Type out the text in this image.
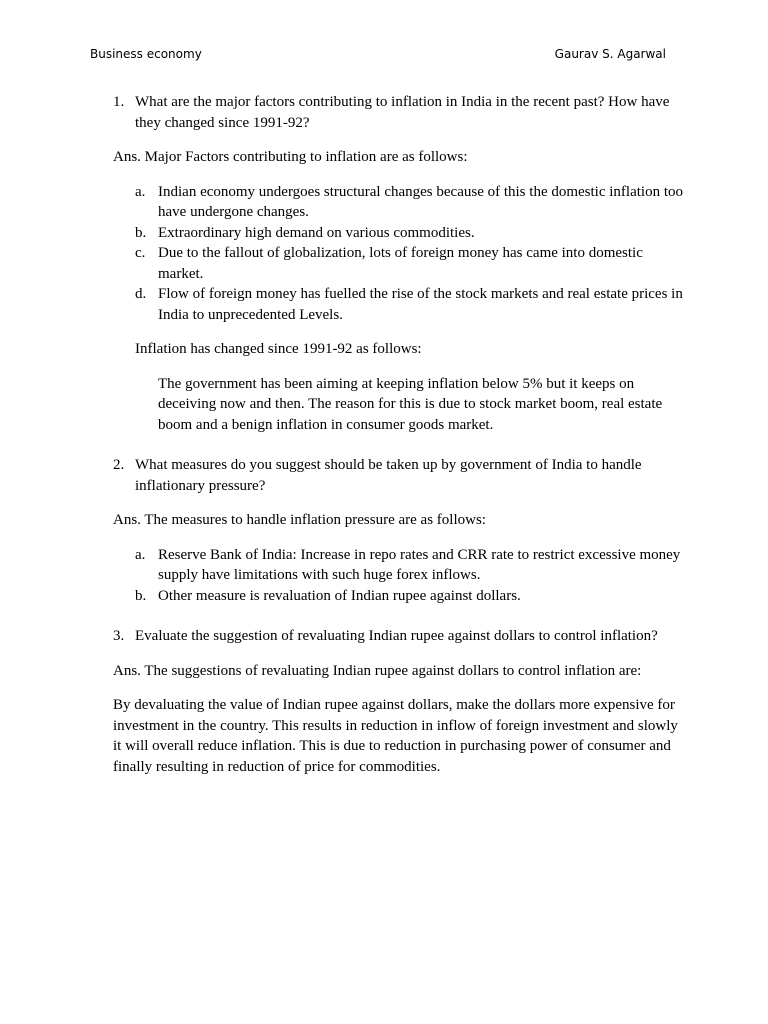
Business economy	Gaurav S. Agarwal
1. What are the major factors contributing to inflation in India in the recent past? How have they changed since 1991-92?

Ans. Major Factors contributing to inflation are as follows:

a. Indian economy undergoes structural changes because of this the domestic inflation too have undergone changes.
b. Extraordinary high demand on various commodities.
c. Due to the fallout of globalization, lots of foreign money has came into domestic market.
d. Flow of foreign money has fuelled the rise of the stock markets and real estate prices in India to unprecedented Levels.

Inflation has changed since 1991-92 as follows:

The government has been aiming at keeping inflation below 5% but it keeps on deceiving now and then. The reason for this is due to stock market boom, real estate boom and a benign inflation in consumer goods market.

2. What measures do you suggest should be taken up by government of India to handle inflationary pressure?

Ans. The measures to handle inflation pressure are as follows:

a. Reserve Bank of India: Increase in repo rates and CRR rate to restrict excessive money supply have limitations with such huge forex inflows.
b. Other measure is revaluation of Indian rupee against dollars.
3. Evaluate the suggestion of revaluating Indian rupee against dollars to control inflation?

Ans. The suggestions of revaluating Indian rupee against dollars to control inflation are:

By devaluating the value of Indian rupee against dollars, make the dollars more expensive for investment in the country. This results in reduction in inflow of foreign investment and slowly it will overall reduce inflation. This is due to reduction in purchasing power of consumer and finally resulting in reduction of price for commodities.
